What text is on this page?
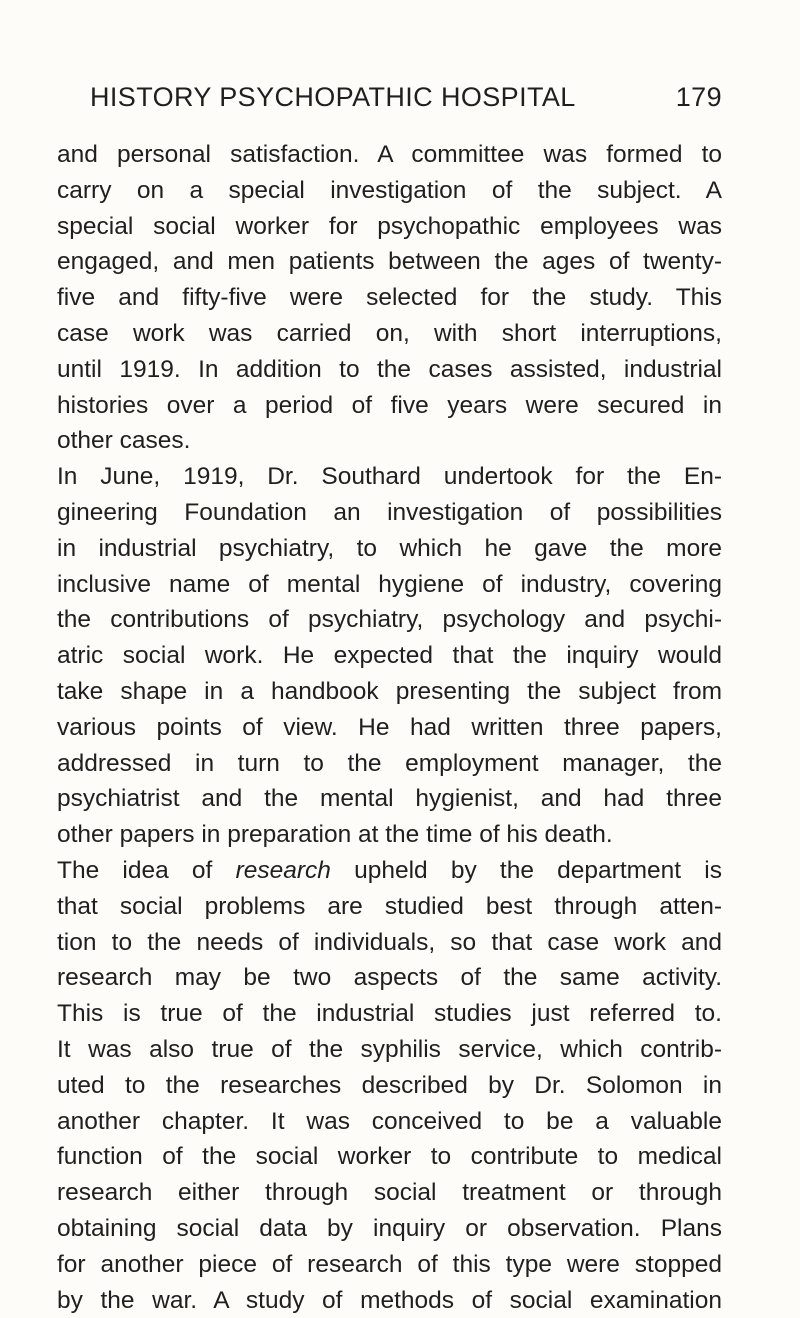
HISTORY PSYCHOPATHIC HOSPITAL	179
and personal satisfaction. A committee was formed to
carry on a special investigation of the subject. A
special social worker for psychopathic employees was
engaged, and men patients between the ages of twenty-
five and fifty-five were selected for the study. This
case work was carried on, with short interruptions,
until 1919. In addition to the cases assisted, industrial
histories over a period of five years were secured in
other cases.
In June, 1919, Dr. Southard undertook for the En-
gineering Foundation an investigation of possibilities
in industrial psychiatry, to which he gave the more
inclusive name of mental hygiene of industry, covering
the contributions of psychiatry, psychology and psychi-
atric social work. He expected that the inquiry would
take shape in a handbook presenting the subject from
various points of view. He had written three papers,
addressed in turn to the employment manager, the
psychiatrist and the mental hygienist, and had three
other papers in preparation at the time of his death.
The idea of research upheld by the department is
that social problems are studied best through atten-
tion to the needs of individuals, so that case work and
research may be two aspects of the same activity.
This is true of the industrial studies just referred to.
It was also true of the syphilis service, which contrib-
uted to the researches described by Dr. Solomon in
another chapter. It was conceived to be a valuable
function of the social worker to contribute to medical
research either through social treatment or through
obtaining social data by inquiry or observation. Plans
for another piece of research of this type were stopped
by the war. A study of methods of social examination
